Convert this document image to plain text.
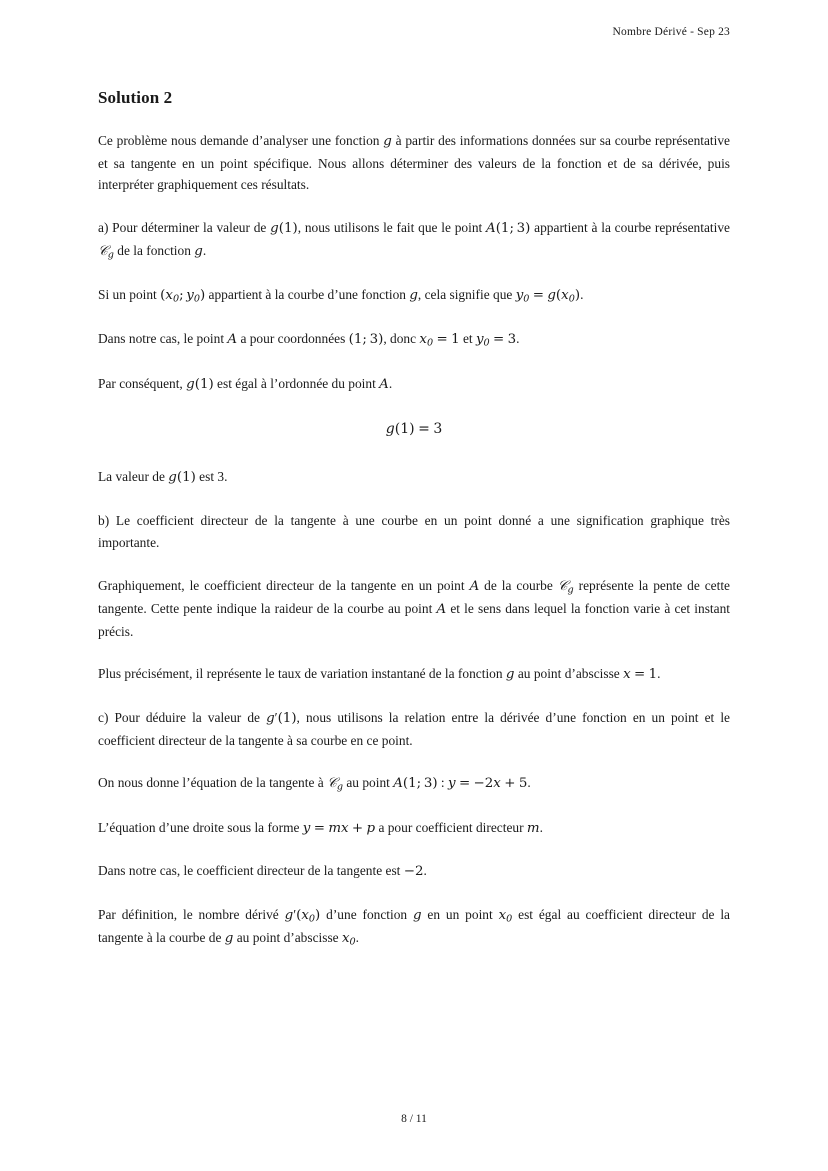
Nombre Dérivé - Sep 23
Solution 2

Ce problème nous demande d’analyser une fonction g à partir des informations données sur sa courbe représentative et sa tangente en un point spécifique. Nous allons déterminer des valeurs de la fonction et de sa dérivée, puis interpréter graphiquement ces résultats.

a) Pour déterminer la valeur de g(1), nous utilisons le fait que le point A(1; 3) appartient à la courbe représentative 𝒞$_g$ de la fonction g.

Si un point ($x_0$; $y_0$) appartient à la courbe d’une fonction g, cela signifie que $y_0 = g(x_0)$.

Dans notre cas, le point A a pour coordonnées (1; 3), donc $x_0 = 1$ et $y_0 = 3$.

Par conséquent, g(1) est égal à l’ordonnée du point A.

g(1) = 3

La valeur de g(1) est 3.

b) Le coefficient directeur de la tangente à une courbe en un point donné a une signification graphique très importante.

Graphiquement, le coefficient directeur de la tangente en un point A de la courbe 𝒞$_g$ représente la pente de cette tangente. Cette pente indique la raideur de la courbe au point A et le sens dans lequel la fonction varie à cet instant précis.

Plus précisément, il représente le taux de variation instantané de la fonction g au point d’abscisse x = 1.

c) Pour déduire la valeur de g′(1), nous utilisons la relation entre la dérivée d’une fonction en un point et le coefficient directeur de la tangente à sa courbe en ce point.

On nous donne l’équation de la tangente à 𝒞$_g$ au point A(1; 3) : y = −2x + 5.

L’équation d’une droite sous la forme y = mx + p a pour coefficient directeur m.

Dans notre cas, le coefficient directeur de la tangente est −2.

Par définition, le nombre dérivé $g'(x_0)$ d’une fonction g en un point $x_0$ est égal au coefficient directeur de la tangente à la courbe de g au point d’abscisse $x_0$.

8 / 11
